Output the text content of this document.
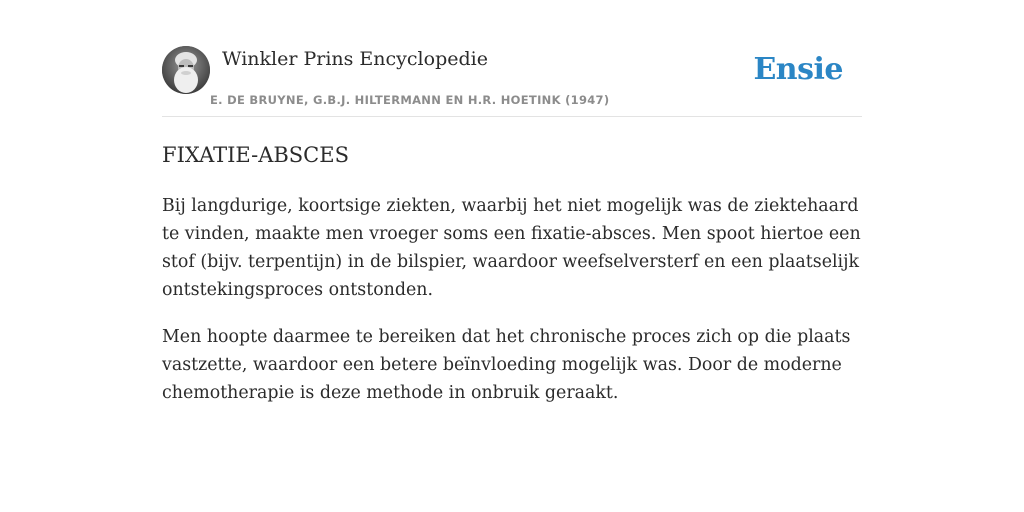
Winkler Prins Encyclopedie
E. DE BRUYNE, G.B.J. HILTERMANN EN H.R. HOETINK (1947)
Ensie
FIXATIE-ABSCES

Bij langdurige, koortsige ziekten, waarbij het niet mogelijk was de ziektehaard te vinden, maakte men vroeger soms een fixatie-absces. Men spoot hiertoe een stof (bijv. terpentijn) in de bilspier, waardoor weefselversterf en een plaatselijk ontstekingsproces ontstonden.

Men hoopte daarmee te bereiken dat het chronische proces zich op die plaats vastzette, waardoor een betere beïnvloeding mogelijk was. Door de moderne chemotherapie is deze methode in onbruik geraakt.
